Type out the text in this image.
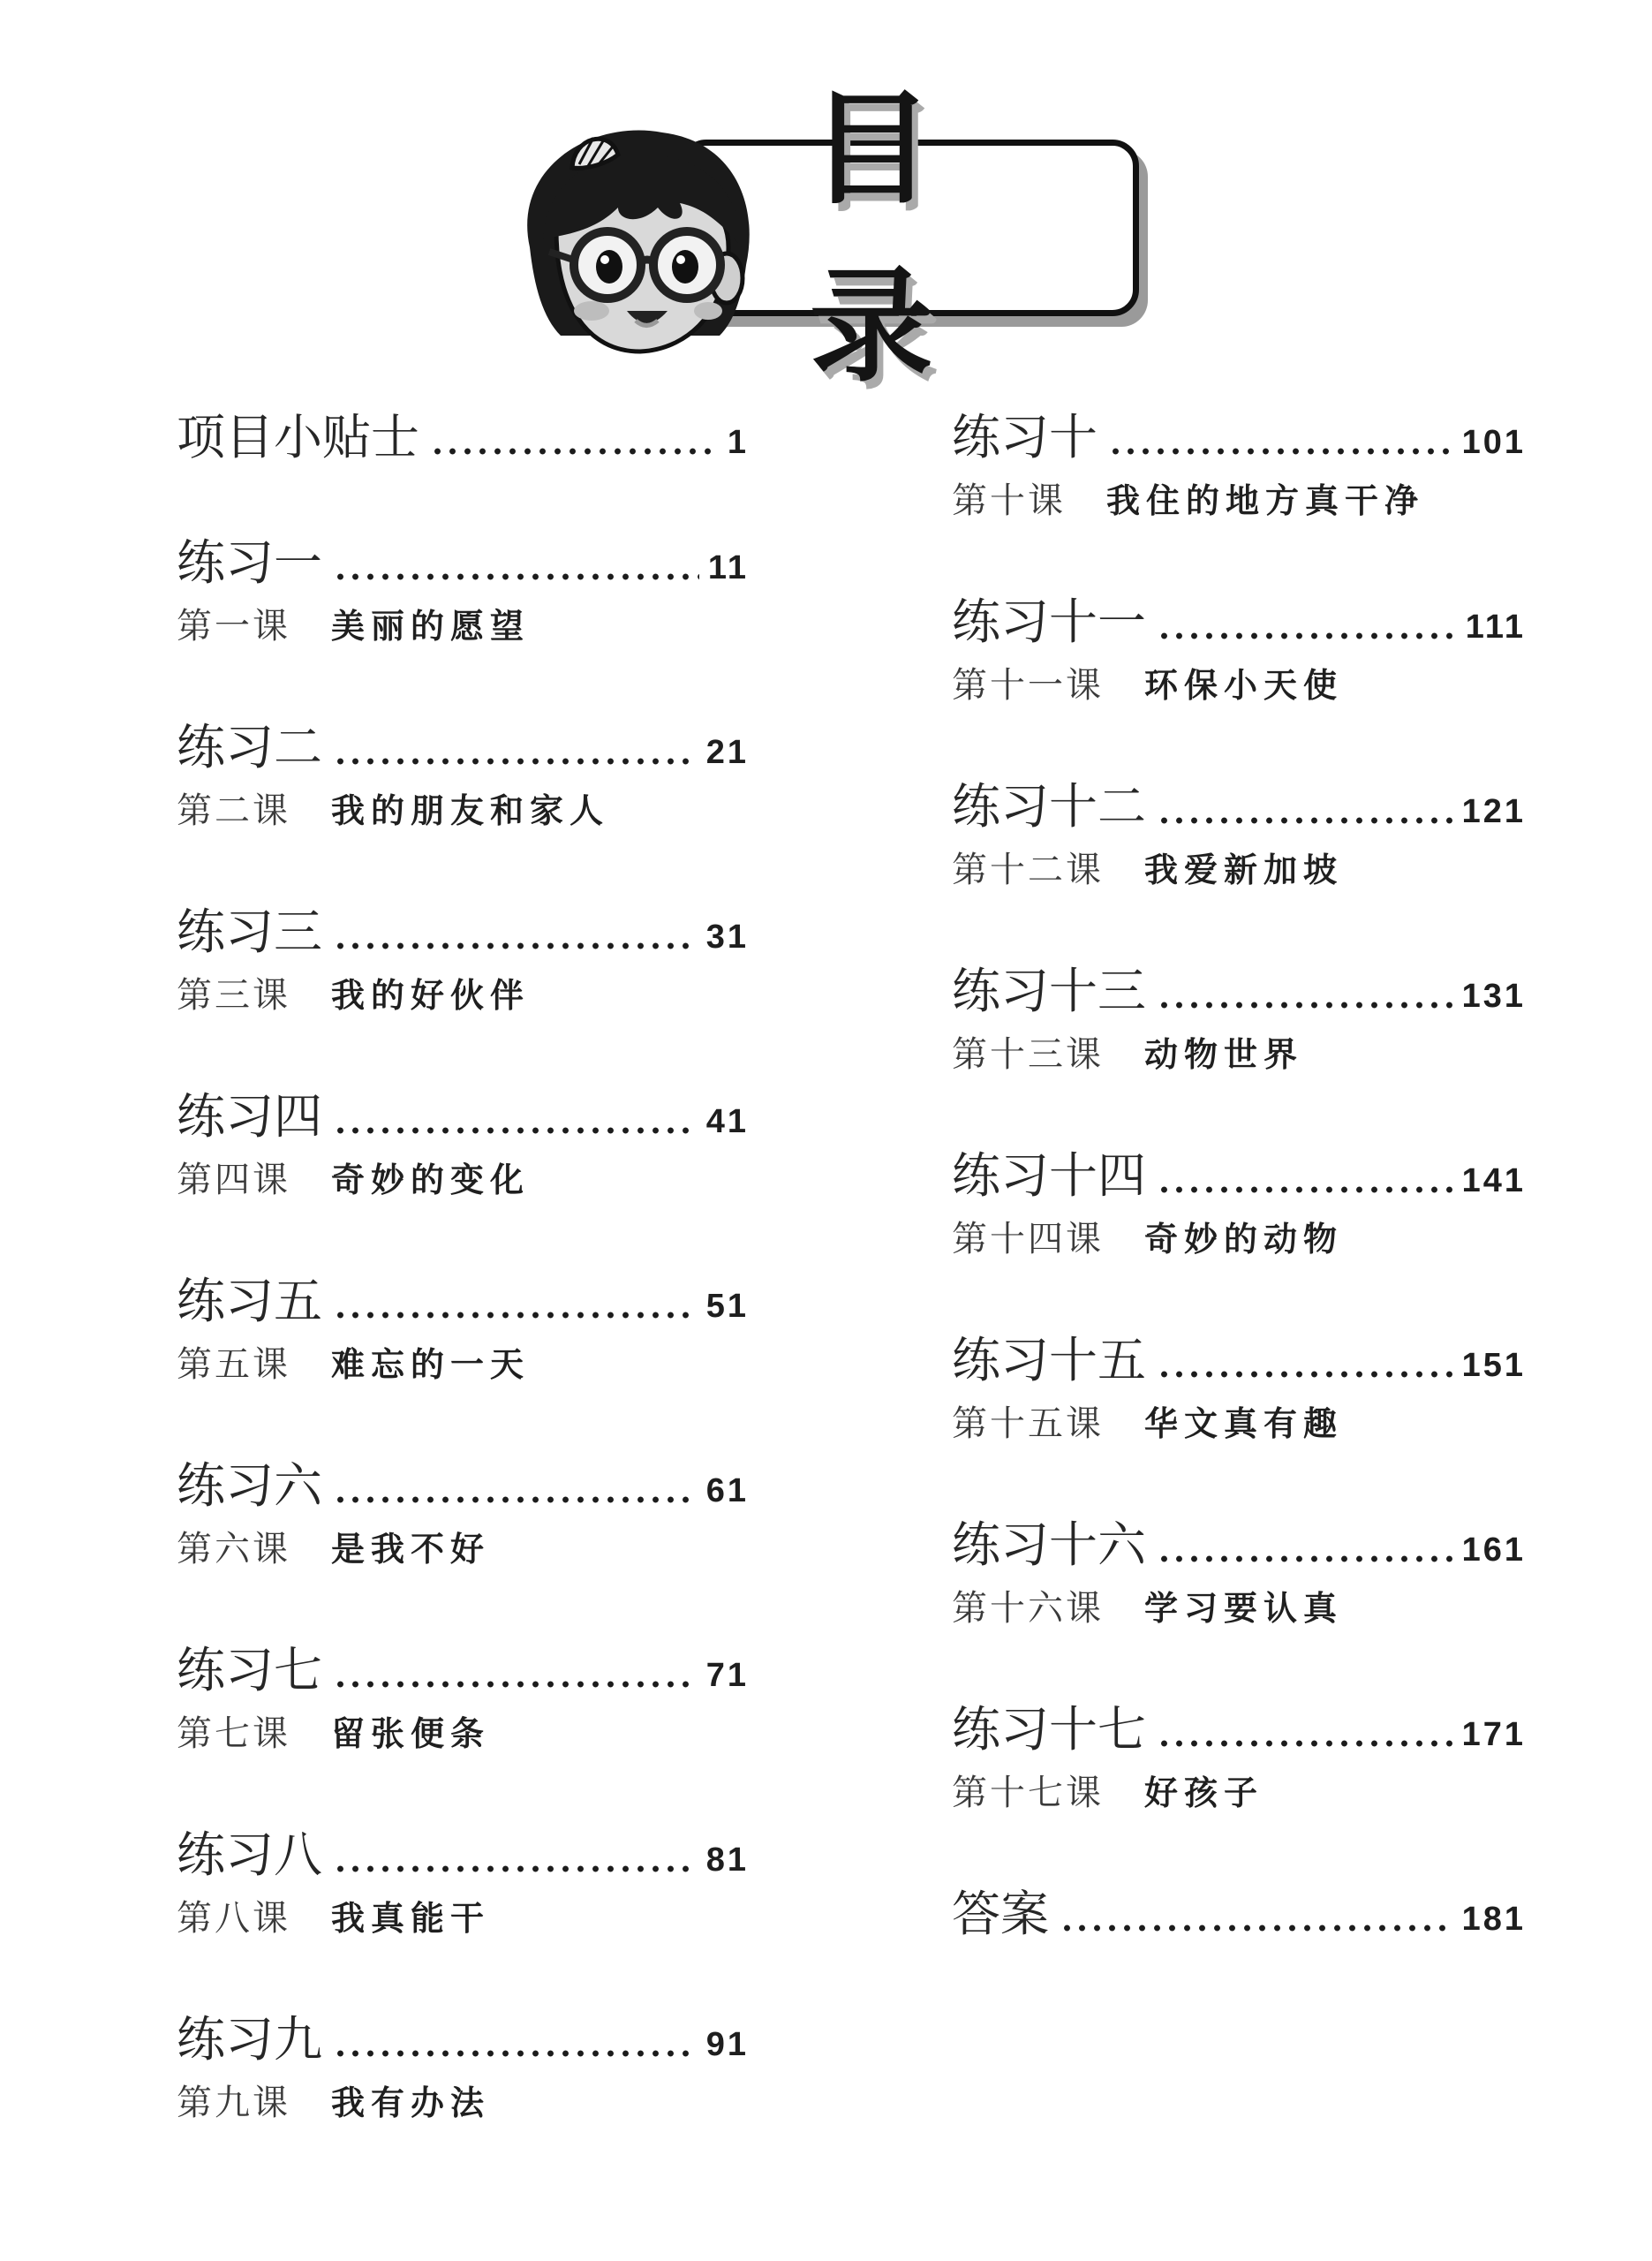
目录
项目小贴士	1
练习一	11
第一课 美丽的愿望
练习二	21
第二课 我的朋友和家人
练习三	31
第三课 我的好伙伴
练习四	41
第四课 奇妙的变化
练习五	51
第五课 难忘的一天
练习六	61
第六课 是我不好
练习七	71
第七课 留张便条
练习八	81
第八课 我真能干
练习九	91
第九课 我有办法
练习十	101
第十课 我住的地方真干净
练习十一	111
第十一课 环保小天使
练习十二	121
第十二课 我爱新加坡
练习十三	131
第十三课 动物世界
练习十四	141
第十四课 奇妙的动物
练习十五	151
第十五课 华文真有趣
练习十六	161
第十六课 学习要认真
练习十七	171
第十七课 好孩子
答案	181
